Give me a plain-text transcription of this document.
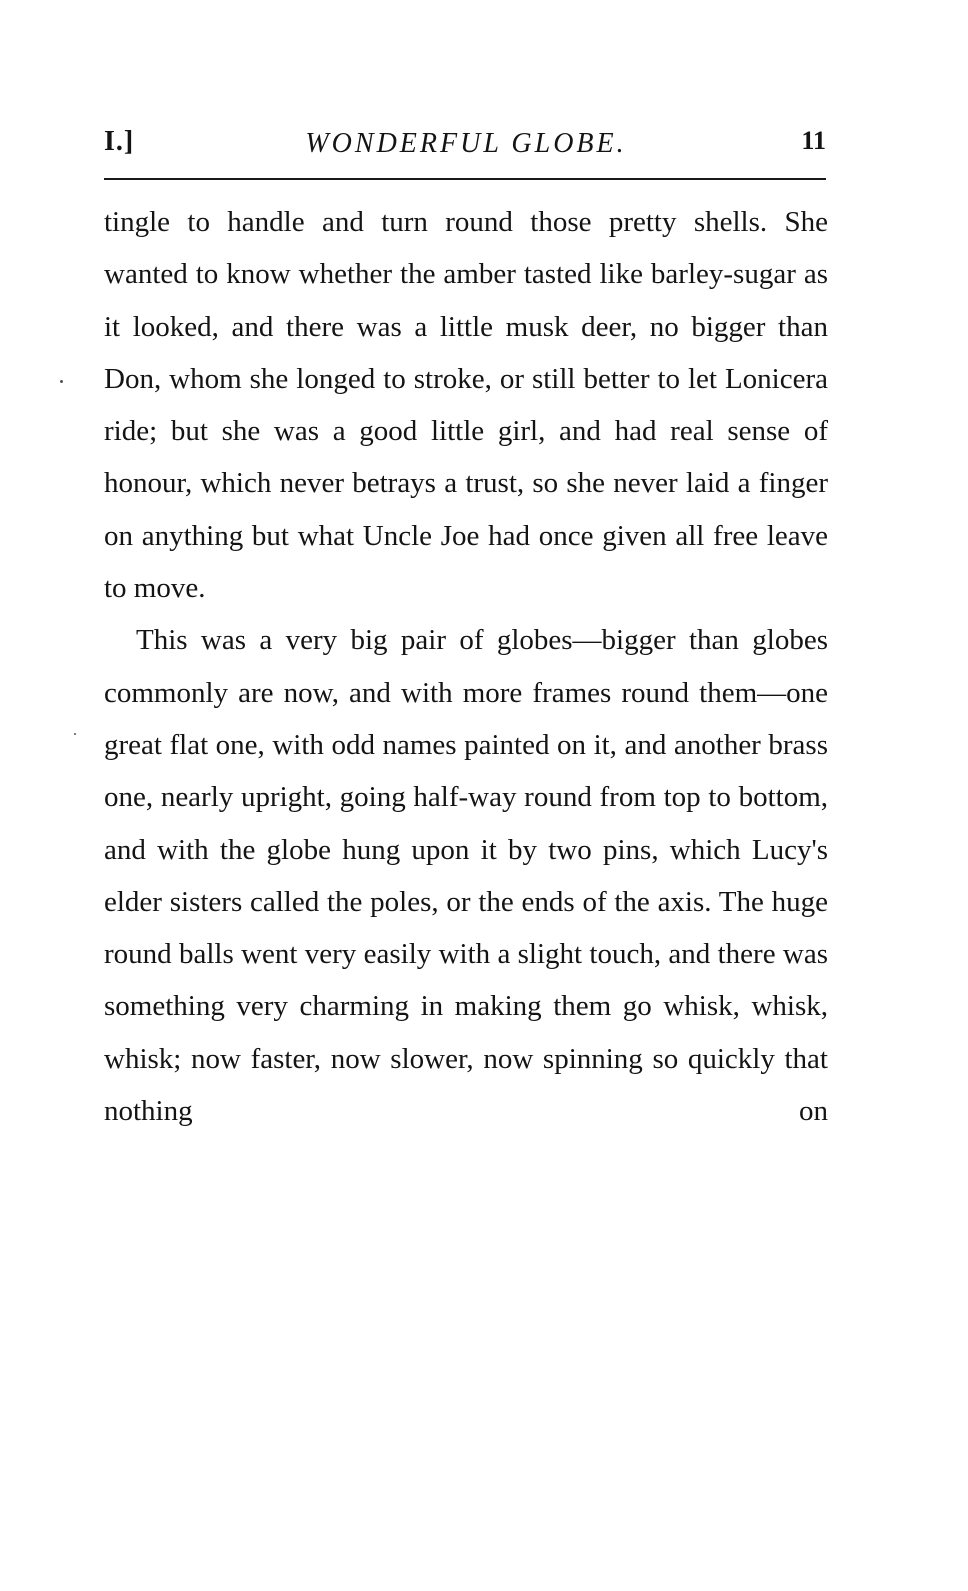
I.]	WONDERFUL GLOBE.	11

tingle to handle and turn round those pretty shells. She wanted to know whether the amber tasted like barley-sugar as it looked, and there was a little musk deer, no bigger than Don, whom she longed to stroke, or still better to let Lonicera ride; but she was a good little girl, and had real sense of honour, which never betrays a trust, so she never laid a finger on anything but what Uncle Joe had once given all free leave to move.

This was a very big pair of globes—bigger than globes commonly are now, and with more frames round them—one great flat one, with odd names painted on it, and another brass one, nearly upright, going half-way round from top to bottom, and with the globe hung upon it by two pins, which Lucy's elder sisters called the poles, or the ends of the axis. The huge round balls went very easily with a slight touch, and there was something very charming in making them go whisk, whisk, whisk; now faster, now slower, now spinning so quickly that nothing on
